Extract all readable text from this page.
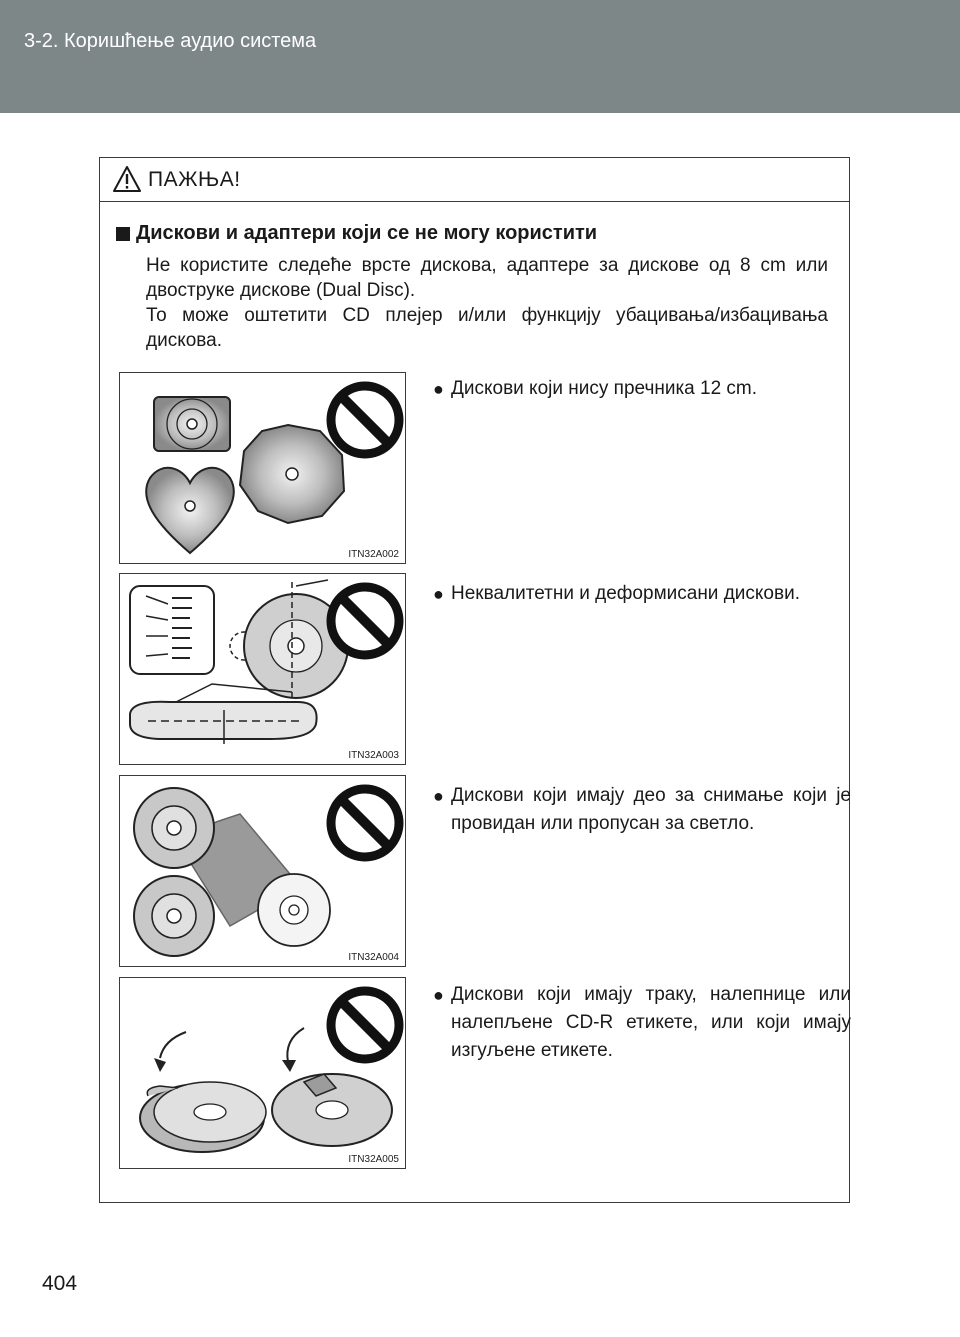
3-2. Коришћење аудио система
ПАЖЊА!
Дискови и адаптери који се не могу користити

Не користите следеће врсте дискова, адаптере за дискове од 8 cm или двоструке дискове (Dual Disc).

То може оштетити CD плејер и/или функцију убацивања/избацивања дискова.

ITN32A002
● Дискови који нису пречника 12 cm.
ITN32A003
● Неквалитетни и деформисани дискови.
ITN32A004
● Дискови који имају део за снимање који је провидан или пропусан за светло.
ITN32A005
● Дискови који имају траку, налепнице или налепљене CD-R етикете, или који имају изгуљене етикете.
404
